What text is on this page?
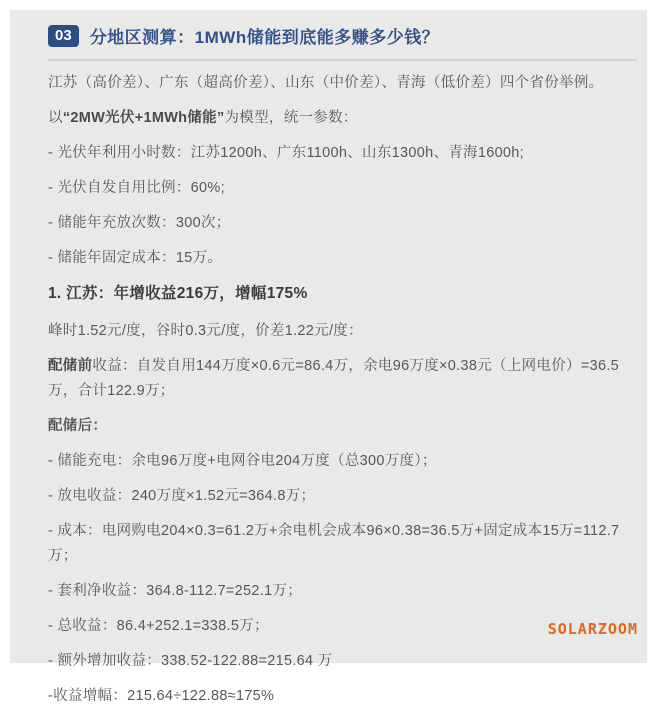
03	分地区测算：1MWh储能到底能多赚多少钱？

江苏（高价差）、广东（超高价差）、山东（中价差）、青海（低价差）四个省份举例。

以“2MW光伏+1MWh储能”为模型，统一参数：

- 光伏年利用小时数：江苏1200h、广东1100h、山东1300h、青海1600h;

- 光伏自发自用比例：60%;

- 储能年充放次数：300次；

- 储能年固定成本：15万。

1. 江苏：年增收益216万，增幅175%

峰时1.52元/度，谷时0.3元/度，价差1.22元/度：

配储前收益：自发自用144万度×0.6元=86.4万，余电96万度×0.38元（上网电价）=36.5万，合计122.9万；

配储后：

- 储能充电：余电96万度+电网谷电204万度（总300万度）；

- 放电收益：240万度×1.52元=364.8万；

- 成本：电网购电204×0.3=61.2万+余电机会成本96×0.38=36.5万+固定成本15万=112.7万；

- 套利净收益：364.8-112.7=252.1万；

- 总收益：86.4+252.1=338.5万；

- 额外增加收益：338.52-122.88=215.64 万

-收益增幅：215.64÷122.88≈175%

SOLARZOOM
